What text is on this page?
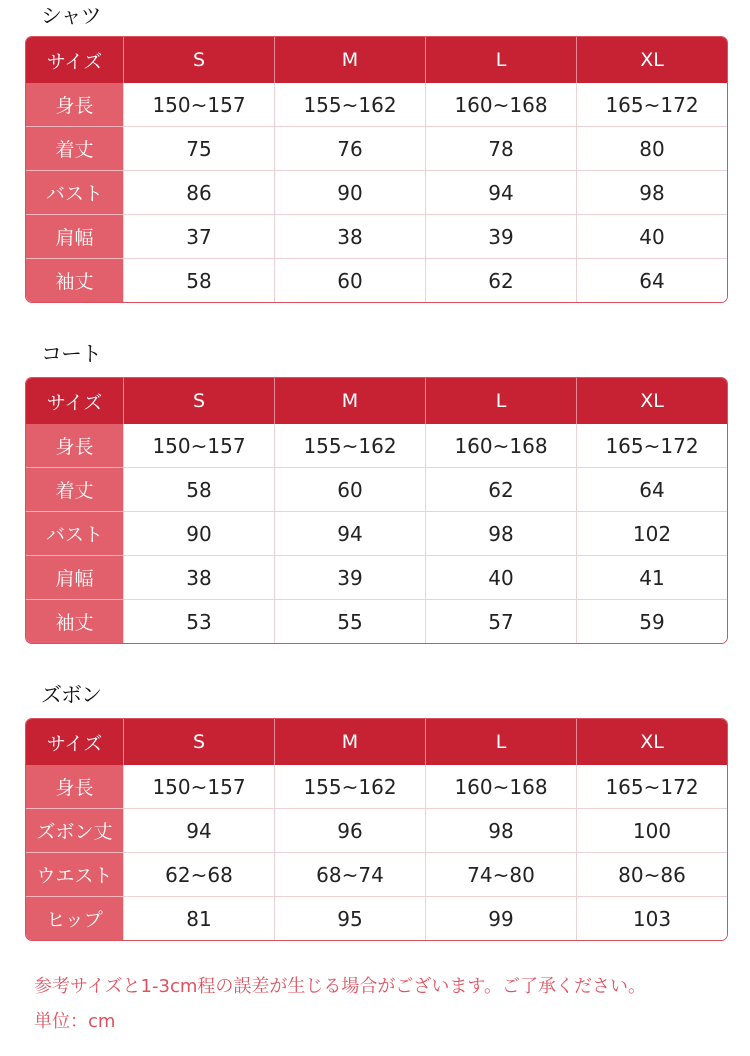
シャツ
サイズ	S	M	L	XL
身長	150~157	155~162	160~168	165~172
着丈	75	76	78	80
バスト	86	90	94	98
肩幅	37	38	39	40
袖丈	58	60	62	64
コート
サイズ	S	M	L	XL
身長	150~157	155~162	160~168	165~172
着丈	58	60	62	64
バスト	90	94	98	102
肩幅	38	39	40	41
袖丈	53	55	57	59
ズボン
サイズ	S	M	L	XL
身長	150~157	155~162	160~168	165~172
ズボン丈	94	96	98	100
ウエスト	62~68	68~74	74~80	80~86
ヒップ	81	95	99	103
参考サイズと1-3cm程の誤差が生じる場合がございます。ご了承ください。
単位：cm
